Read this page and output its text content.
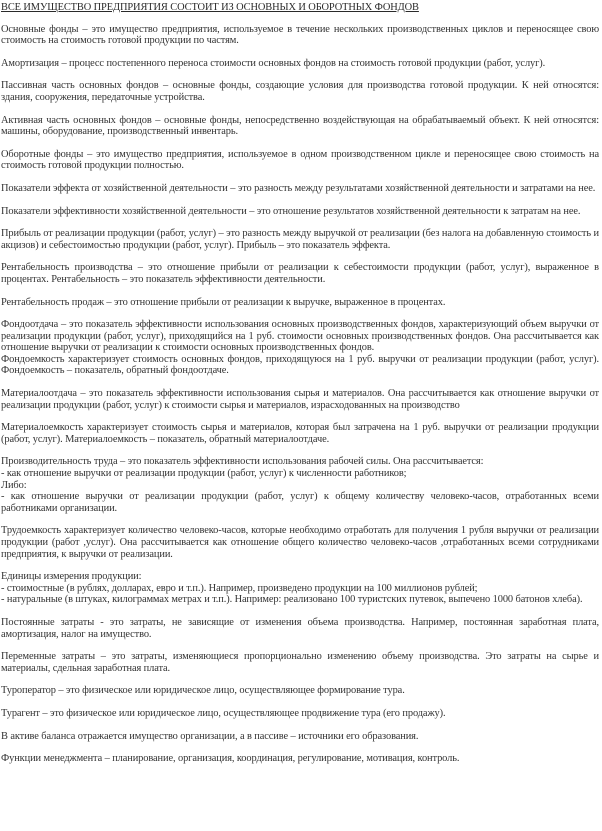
ВСЕ ИМУЩЕСТВО ПРЕДПРИЯТИЯ СОСТОИТ ИЗ ОСНОВНЫХ И ОБОРОТНЫХ ФОНДОВ

Основные фонды – это имущество предприятия, используемое в течение нескольких производственных циклов и переносящее свою стоимость на стоимость готовой продукции по частям.

Амортизация – процесс постепенного переноса стоимости основных фондов на стоимость готовой продукции (работ, услуг).

Пассивная часть основных фондов – основные фонды, создающие условия для производства готовой продукции. К ней относятся: здания, сооружения, передаточные устройства.

Активная часть основных фондов – основные фонды, непосредственно воздействующая на обрабатываемый объект. К ней относятся: машины, оборудование, производственный инвентарь.

Оборотные фонды – это имущество предприятия, используемое в одном производственном цикле и переносящее свою стоимость на стоимость готовой продукции полностью.

Показатели эффекта от хозяйственной деятельности – это разность между результатами хозяйственной деятельности и затратами на нее.

Показатели эффективности хозяйственной деятельности – это отношение результатов хозяйственной деятельности к затратам на нее.

Прибыль от реализации продукции (работ, услуг) – это разность между выручкой от реализации (без налога на добавленную стоимость и акцизов) и себестоимостью продукции (работ, услуг). Прибыль – это показатель эффекта.

Рентабельность производства – это отношение прибыли от реализации к себестоимости продукции (работ, услуг), выраженное в процентах. Рентабельность – это показатель эффективности деятельности.

Рентабельность продаж – это отношение прибыли от реализации к выручке, выраженное в процентах.

Фондоотдача – это показатель эффективности использования основных производственных фондов, характеризующий объем выручки от реализации продукции (работ, услуг), приходящийся на 1 руб. стоимости основных производственных фондов. Она рассчитывается как отношение выручки от реализации к стоимости основных производственных фондов.

Фондоемкость характеризует стоимость основных фондов, приходящуюся на 1 руб. выручки от реализации продукции (работ, услуг). Фондоемкость – показатель, обратный фондоотдаче.

Материалоотдача – это показатель эффективности использования сырья и материалов. Она рассчитывается как отношение выручки от реализации продукции (работ, услуг) к стоимости сырья и материалов, израсходованных на производство

Материалоемкость характеризует стоимость сырья и материалов, которая был затрачена на 1 руб. выручки от реализации продукции (работ, услуг). Материалоемкость – показатель, обратный материалоотдаче.

Производительность труда – это показатель эффективности использования рабочей силы. Она рассчитывается:

- как отношение выручки от реализации продукции (работ, услуг) к численности работников;

Либо:

- как отношение выручки от реализации продукции (работ, услуг) к общему количеству человеко-часов, отработанных всеми работниками организации.

Трудоемкость характеризует количество человеко-часов, которые необходимо отработать для получения 1 рубля выручки от реализации продукции (работ ,услуг). Она рассчитывается как отношение общего количество человеко-часов ,отработанных всеми сотрудниками предприятия, к выручки от реализации.

Единицы измерения продукции:

- стоимостные (в рублях, долларах, евро и т.п.). Например, произведено продукции на 100 миллионов рублей;

- натуральные (в штуках, килограммах метрах и т.п.). Например: реализовано 100 туристских путевок, выпечено 1000 батонов хлеба).

Постоянные затраты - это затраты, не зависящие от изменения объема производства. Например, постоянная заработная плата, амортизация, налог на имущество.

Переменные затраты – это затраты, изменяющиеся пропорционально изменению объему производства. Это затраты на сырье и материалы, сдельная заработная плата.

Туроператор – это физическое или юридическое лицо, осуществляющее формирование тура.

Турагент – это физическое или юридическое лицо, осуществляющее продвижение тура (его продажу).

В активе баланса отражается имущество организации, а в пассиве – источники его образования.

Функции менеджмента – планирование, организация, координация, регулирование, мотивация, контроль.
